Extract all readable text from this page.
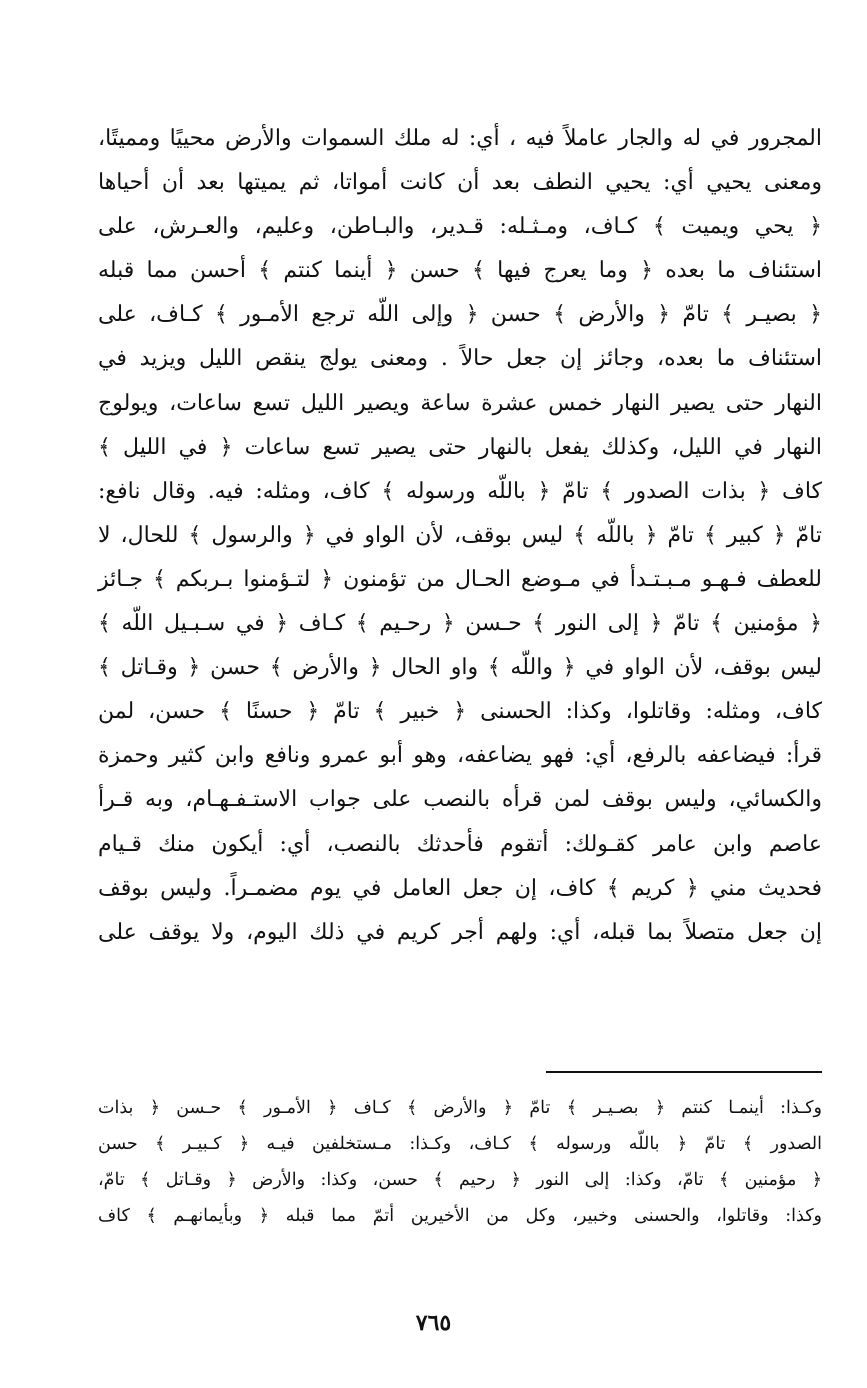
المجرور في له والجار عاملاً فيه ، أي: له ملك السموات والأرض محييًا ومميتًا،
ومعنى يحيي أي: يحيي النطف بعد أن كانت أمواتا، ثم يميتها بعد أن أحياها
﴿ يحي ويميت ﴾ كـاف، ومـثـله: قـدير، والبـاطن، وعليم، والعـرش، على
استئناف ما بعده ﴿ وما يعرج فيها ﴾ حسن ﴿ أينما كنتم ﴾ أحسن مما قبله
﴿ بصيـر ﴾ تامّ ﴿ والأرض ﴾ حسن ﴿ وإلى اللّه ترجع الأمـور ﴾ كـاف، على
استئناف ما بعده، وجائز إن جعل حالاً . ومعنى يولج ينقص الليل ويزيد في
النهار حتى يصير النهار خمس عشرة ساعة ويصير الليل تسع ساعات، ويولوج
النهار في الليل، وكذلك يفعل بالنهار حتى يصير تسع ساعات ﴿ في الليل ﴾
كاف ﴿ بذات الصدور ﴾ تامّ ﴿ باللّه ورسوله ﴾ كاف، ومثله: فيه. وقال نافع:
تامّ ﴿ كبير ﴾ تامّ ﴿ باللّه ﴾ ليس بوقف، لأن الواو في ﴿ والرسول ﴾ للحال، لا
للعطف فـهـو مـبـتـدأ في مـوضع الحـال من تؤمنون ﴿ لتـؤمنوا بـربكم ﴾ جـائز
﴿ مؤمنين ﴾ تامّ ﴿ إلى النور ﴾ حـسن ﴿ رحـيم ﴾ كـاف ﴿ في سـبـيل اللّه ﴾
ليس بوقف، لأن الواو في ﴿ واللّه ﴾ واو الحال ﴿ والأرض ﴾ حسن ﴿ وقـاتل ﴾
كاف، ومثله: وقاتلوا، وكذا: الحسنى ﴿ خبير ﴾ تامّ ﴿ حسنًا ﴾ حسن، لمن
قرأ: فيضاعفه بالرفع، أي: فهو يضاعفه، وهو أبو عمرو ونافع وابن كثير وحمزة
والكسائي، وليس بوقف لمن قرأه بالنصب على جواب الاستـفـهـام، وبه قـرأ
عاصم وابن عامر كقـولك: أتقوم فأحدثك بالنصب، أي: أيكون منك قـيام
فحديث مني ﴿ كريم ﴾ كاف، إن جعل العامل في يوم مضمـراً. وليس بوقف
إن جعل متصلاً بما قبله، أي: ولهم أجر كريم في ذلك اليوم، ولا يوقف على
وكـذا: أينمـا كنتم ﴿ بصـيـر ﴾ تامّ ﴿ والأرض ﴾ كـاف ﴿ الأمـور ﴾ حـسن ﴿ بذات
الصدور ﴾ تامّ ﴿ باللّه ورسوله ﴾ كـاف، وكـذا: مـستخلفين فيـه ﴿ كـبيـر ﴾ حسن
﴿ مؤمنين ﴾ تامّ، وكذا: إلى النور ﴿ رحيم ﴾ حسن، وكذا: والأرض ﴿ وقـاتل ﴾ تامّ،
وكذا: وقاتلوا، والحسنى وخبير، وكل من الأخيرين أتمّ مما قبله ﴿ وبأيمانهـم ﴾ كاف
٧٦٥
